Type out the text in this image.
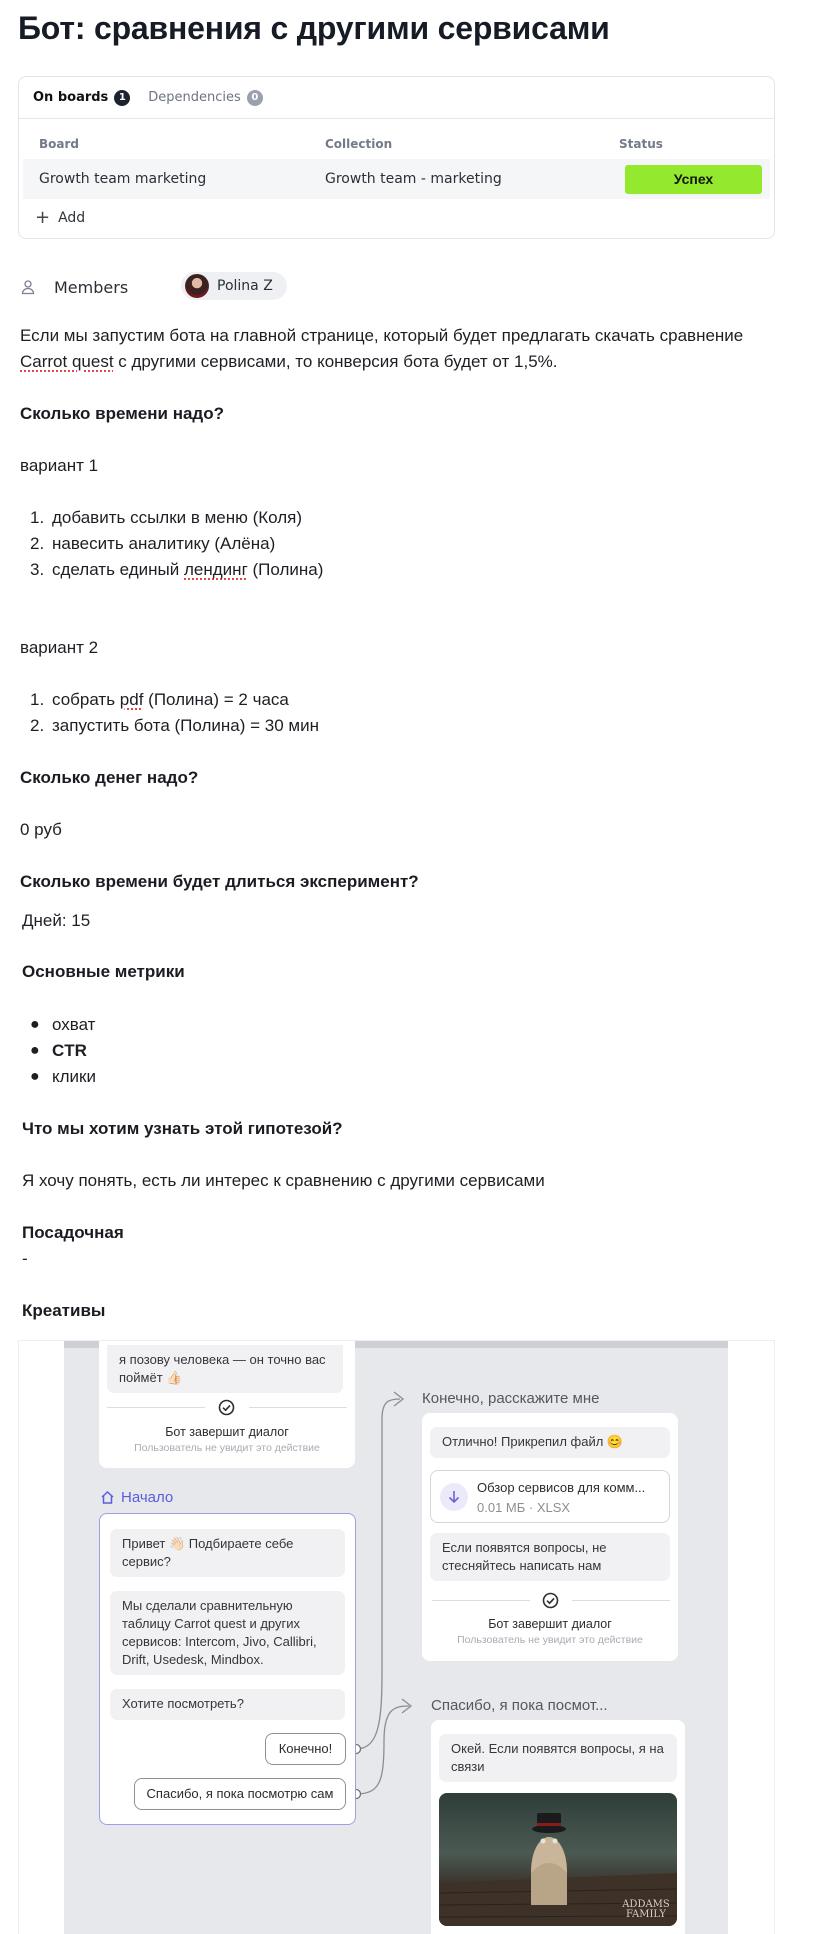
Бот: сравнения с другими сервисами
On boards	1	Dependencies	0
Board	Collection	Status
Growth team marketing	Growth team - marketing	Успех
+ Add
Members	Polina Z
Если мы запустим бота на главной странице, который будет предлагать скачать сравнение
Carrot quest с другими сервисами, то конверсия бота будет от 1,5%.
Сколько времени надо?
вариант 1
1. добавить ссылки в меню (Коля)
2. навесить аналитику (Алёна)
3. сделать единый лендинг (Полина)
вариант 2
1. собрать pdf (Полина) = 2 часа
2. запустить бота (Полина) = 30 мин
Сколько денег надо?
0 руб
Сколько времени будет длиться эксперимент?
Дней: 15
Основные метрики
● охват
● CTR
● клики
Что мы хотим узнать этой гипотезой?
Я хочу понять, есть ли интерес к сравнению с другими сервисами
Посадочная
-
Креативы
я позову человека — он точно вас поймёт 👍🏻
Бот завершит диалог
Пользователь не увидит это действие
Начало
Привет 👋🏻 Подбираете себе сервис?
Мы сделали сравнительную таблицу Carrot quest и других сервисов: Intercom, Jivo, Callibri, Drift, Usedesk, Mindbox.
Хотите посмотреть?
Конечно!
Спасибо, я пока посмотрю сам
Конечно, расскажите мне
Отлично! Прикрепил файл 😊
Обзор сервисов для комм...
0.01 МБ · XLSX
Если появятся вопросы, не стесняйтесь написать нам
Бот завершит диалог
Пользователь не увидит это действие
Спасибо, я пока посмот...
Окей. Если появятся вопросы, я на связи
ADDAMS FAMILY
